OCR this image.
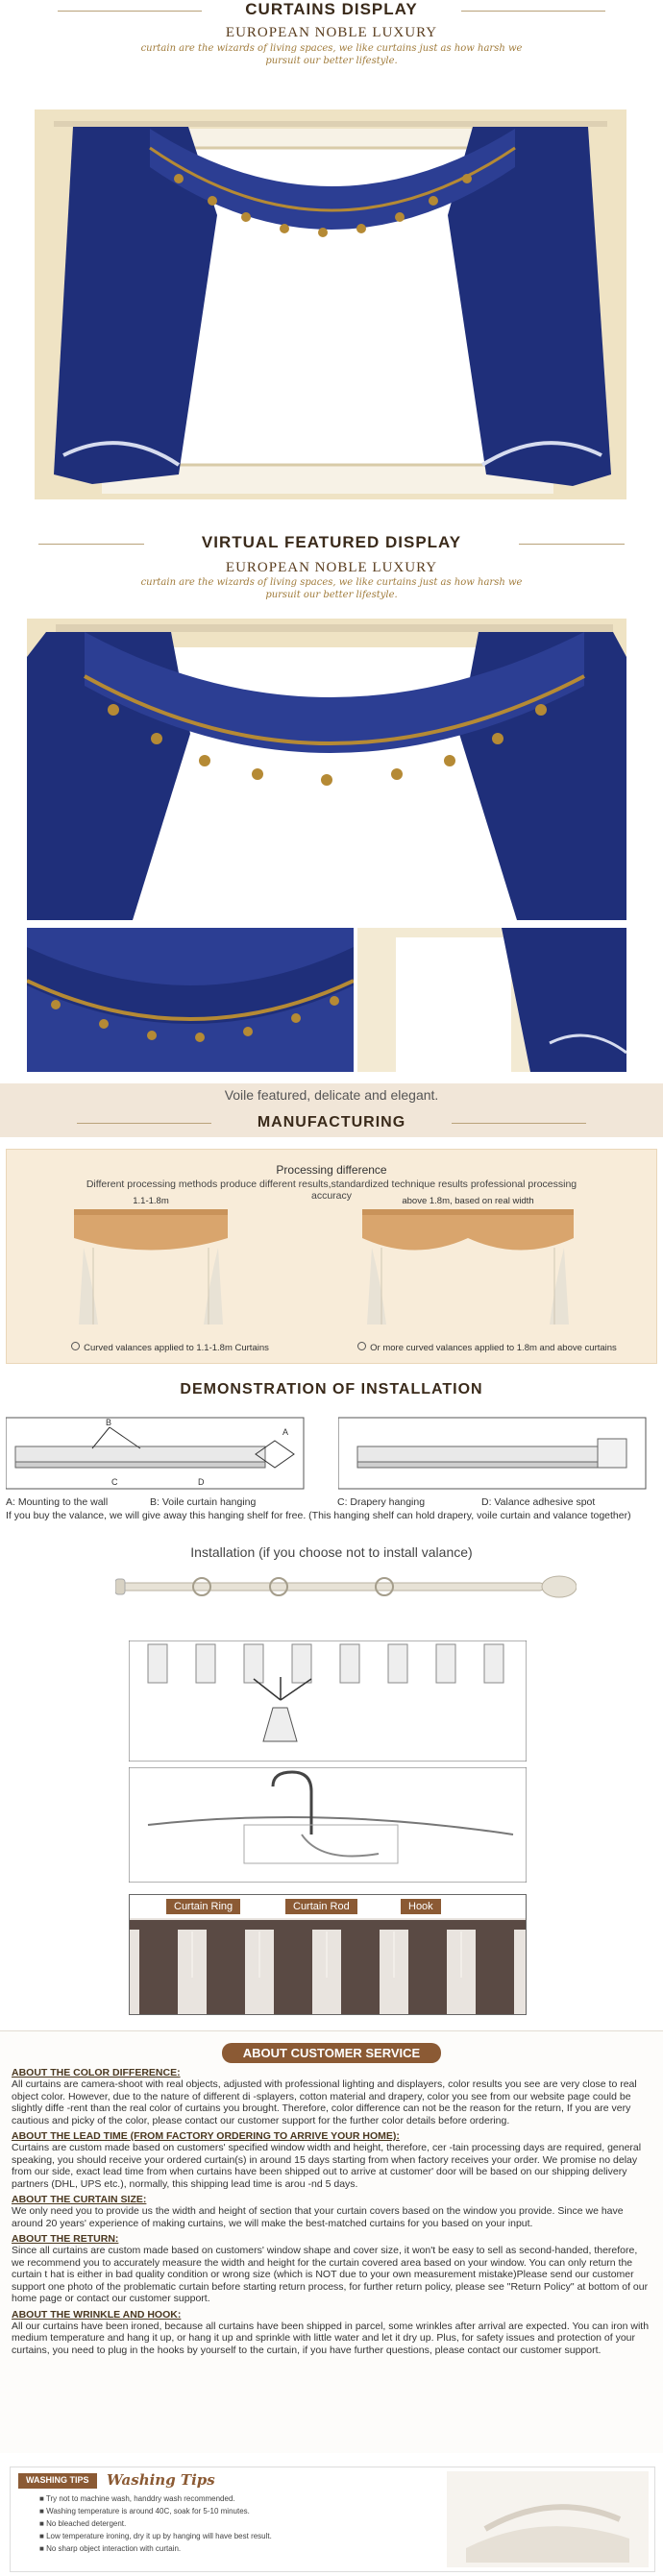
CURTAINS DISPLAY
EUROPEAN NOBLE LUXURY
curtain are the wizards of living spaces, we like curtains just as how harsh we pursuit our better lifestyle.
VIRTUAL FEATURED DISPLAY
EUROPEAN NOBLE LUXURY
curtain are the wizards of living spaces, we like curtains just as how harsh we pursuit our better lifestyle.
Voile featured, delicate and elegant.
MANUFACTURING
Processing difference
Different processing methods produce different results,standardized technique results professional processing accuracy
1.1-1.8m	above 1.8m, based on real width
Curved valances applied to 1.1-1.8m Curtains	Or more curved valances applied to 1.8m and above curtains
DEMONSTRATION OF INSTALLATION
B
A
C	D
A: Mounting to the wall	B: Voile curtain hanging	C: Drapery hanging	D: Valance adhesive spot
If you buy the valance, we will give away this hanging shelf for free. (This hanging shelf can hold drapery, voile curtain and valance together)
Installation (if you choose not to install valance)
Curtain Ring	Curtain Rod	Hook
ABOUT CUSTOMER SERVICE
ABOUT THE COLOR DIFFERENCE:
All curtains are camera-shoot with real objects, adjusted with professional lighting and displayers, color results you see are very close to real object color. However, due to the nature of different di -splayers, cotton material and drapery, color you see from our website page could be slightly diffe -rent than the real color of curtains you brought. Therefore, color difference can not be the reason for the return, If you are very cautious and picky of the color, please contact our customer support for the further color details before ordering.
ABOUT THE LEAD TIME (FROM FACTORY ORDERING TO ARRIVE YOUR HOME):
Curtains are custom made based on customers' specified window width and height, therefore, cer -tain processing days are required, general speaking, you should receive your ordered curtain(s) in around 15 days starting from when factory receives your order. We promise no delay from our side, exact lead time from when curtains have been shipped out to arrive at customer' door will be based on our shipping delivery partners (DHL, UPS etc.), normally, this shipping lead time is arou -nd 5 days.
ABOUT THE CURTAIN SIZE:
We only need you to provide us the width and height of section that your curtain covers based on the window you provide. Since we have around 20 years' experience of making curtains, we will make the best-matched curtains for you based on your input.
ABOUT THE RETURN:
Since all curtains are custom made based on customers' window shape and cover size, it won't be easy to sell as second-handed, therefore, we recommend you to accurately measure the width and height for the curtain covered area based on your window. You can only return the curtain t hat is either in bad quality condition or wrong size (which is NOT due to your own measurement mistake)Please send our customer support one photo of the problematic curtain before starting return process, for further return policy, please see "Return Policy" at bottom of our home page or contact our customer support.
ABOUT THE WRINKLE AND HOOK:
All our curtains have been ironed, because all curtains have been shipped in parcel, some wrinkles after arrival are expected. You can iron with medium temperature and hang it up, or hang it up and sprinkle with little water and let it dry up. Plus, for safety issues and protection of your curtains, you need to plug in the hooks by yourself to the curtain, if you have further questions, please contact our customer support.
WASHING TIPS	Washing Tips
■ Try not to machine wash, handdry wash recommended.
■ Washing temperature is around 40C, soak for 5-10 minutes.
■ No bleached detergent.
■ Low temperature ironing, dry it up by hanging will have best result.
■ No sharp object interaction with curtain.
